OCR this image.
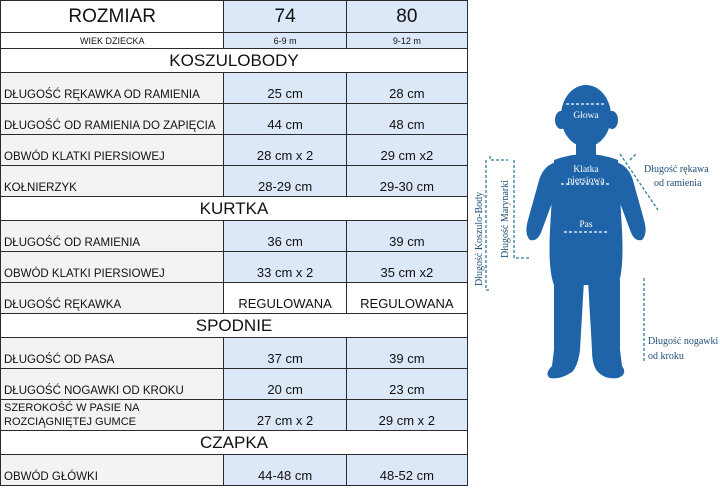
ROZMIAR	74	80
WIEK DZIECKA	6-9 m	9-12 m
KOSZULOBODY		
DŁUGOŚĆ RĘKAWKA OD RAMIENIA	25 cm	28 cm
DŁUGOŚĆ OD RAMIENIA DO ZAPIĘCIA	44 cm	48 cm
OBWÓD KLATKI PIERSIOWEJ	28 cm x 2	29 cm x2
KOŁNIERZYK	28-29 cm	29-30 cm
KURTKA		
DŁUGOŚĆ OD RAMIENIA	36 cm	39 cm
OBWÓD KLATKI PIERSIOWEJ	33 cm x 2	35 cm x2
DŁUGOŚĆ RĘKAWKA	REGULOWANA	REGULOWANA
SPODNIE		
DŁUGOŚĆ OD PASA	37 cm	39 cm
DŁUGOŚĆ NOGAWKI OD KROKU	20 cm	23 cm
SZEROKOŚĆ W PASIE NA ROZCIĄGNIĘTEJ GUMCE	27 cm x 2	29 cm x 2
CZAPKA		
OBWÓD GŁÓWKI	44-48 cm	48-52 cm
Głowa
Klatka
piersiowa
Pas
Długość rękawa
od ramienia
Długość nogawki
od kroku
Długość Koszulo-Body Długość Marynarki
